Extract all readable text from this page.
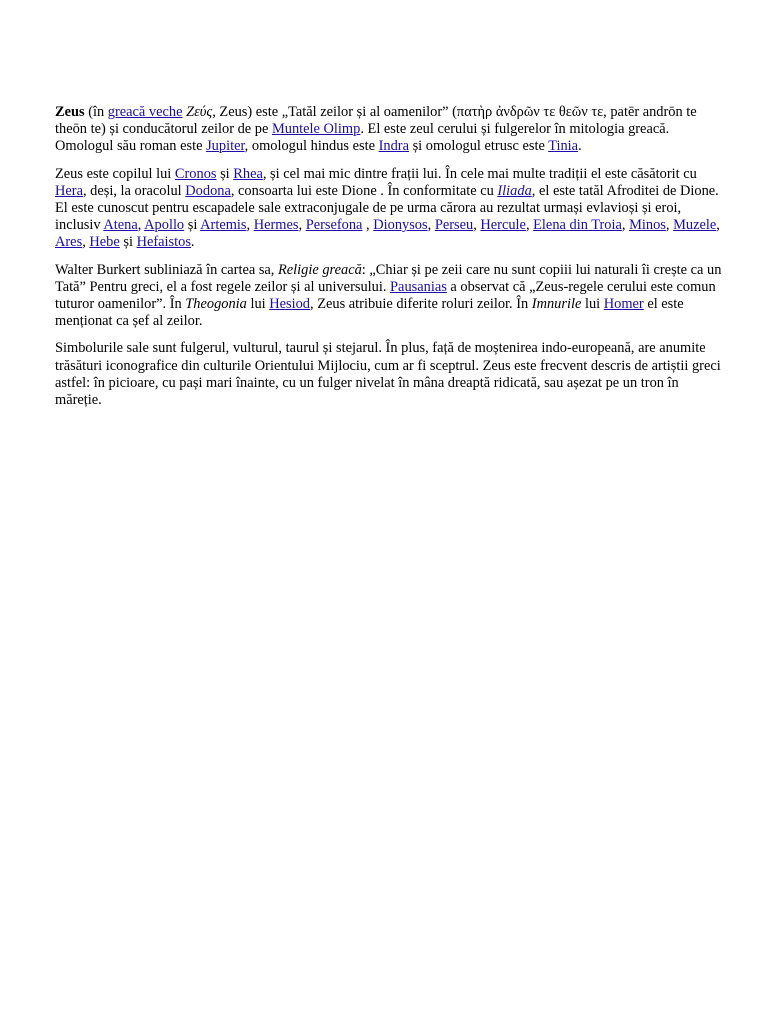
Zeus (în greacă veche Ζεύς, Zeus) este „Tatăl zeilor și al oamenilor” (πατὴρ ἀνδρῶν τε θεῶν τε, patēr andrōn te theōn te) și conducătorul zeilor de pe Muntele Olimp. El este zeul cerului și fulgerelor în mitologia greacă. Omologul său roman este Jupiter, omologul hindus este Indra și omologul etrusc este Tinia.

Zeus este copilul lui Cronos și Rhea, și cel mai mic dintre frații lui. În cele mai multe tradiții el este căsătorit cu Hera, deși, la oracolul Dodona, consoarta lui este Dione . În conformitate cu Iliada, el este tatăl Afroditei de Dione. El este cunoscut pentru escapadele sale extraconjugale de pe urma cărora au rezultat urmași evlavioși și eroi, inclusiv Atena, Apollo și Artemis, Hermes, Persefona , Dionysos, Perseu, Hercule, Elena din Troia, Minos, Muzele, Ares, Hebe și Hefaistos.

Walter Burkert subliniază în cartea sa, Religie greacă: „Chiar și pe zeii care nu sunt copiii lui naturali îi crește ca un Tată” Pentru greci, el a fost regele zeilor și al universului. Pausanias a observat că „Zeus-regele cerului este comun tuturor oamenilor”. În Theogonia lui Hesiod, Zeus atribuie diferite roluri zeilor. În Imnurile lui Homer el este menționat ca șef al zeilor.

Simbolurile sale sunt fulgerul, vulturul, taurul și stejarul. În plus, față de moștenirea indo-europeană, are anumite trăsături iconografice din culturile Orientului Mijlociu, cum ar fi sceptrul. Zeus este frecvent descris de artiștii greci astfel: în picioare, cu pași mari înainte, cu un fulger nivelat în mâna dreaptă ridicată, sau așezat pe un tron în măreție.
